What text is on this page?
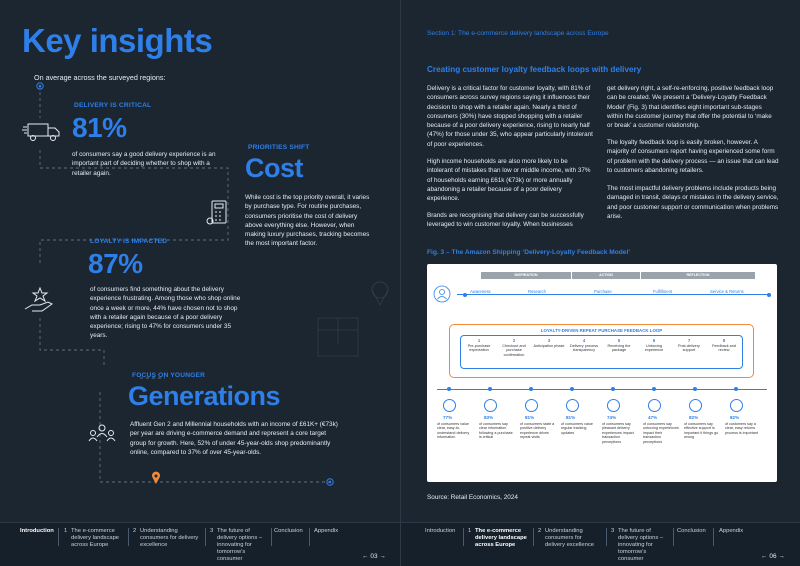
Key insights
On average across the surveyed regions:
DELIVERY IS CRITICAL
81%
of consumers say a good delivery experience is an important part of deciding whether to shop with a retailer again.
PRIORITIES SHIFT
Cost
While cost is the top priority overall, it varies by purchase type. For routine purchases, consumers prioritise the cost of delivery above everything else. However, when making luxury purchases, tracking becomes the most important factor.
LOYALTY IS IMPACTED
87%
of consumers find something about the delivery experience frustrating. Among those who shop online once a week or more, 44% have chosen not to shop with a retailer again because of a poor delivery experience; rising to 47% for consumers under 35 years.
FOCUS ON YOUNGER
Generations
Affluent Gen 2 and Millennial households with an income of £61K+ (€73k) per year are driving e-commerce demand and represent a core target group for growth. Here, 52% of under 45-year-olds shop predominantly online, compared to 37% of over 45-year-olds.
Introduction 1 The e-commerce delivery landscape across Europe
2 Understanding consumers for delivery excellence
3 The future of delivery options – innovating for tomorrow’s consumer
Conclusion Appendix
← 03 →
Section 1: The e-commerce delivery landscape across Europe
Creating customer loyalty feedback loops with delivery
Delivery is a critical factor for customer loyalty, with 81% of consumers across survey regions saying it influences their decision to shop with a retailer again. Nearly a third of consumers (30%) have stopped shopping with a retailer because of a poor delivery experience, rising to nearly half (47%) for those under 35, who appear particularly intolerant of poor experiences.
High income households are also more likely to be intolerant of mistakes than low or middle income, with 37% of households earning £61k (€73k) or more annually abandoning a retailer because of a poor delivery experience.
Brands are recognising that delivery can be successfully leveraged to win customer loyalty. When businesses
get delivery right, a self-re-enforcing, positive feedback loop can be created. We present a ‘Delivery-Loyalty Feedback Model’ (Fig. 3) that identifies eight important sub-stages within the customer journey that offer the potential to ‘make or break’ a customer relationship.
The loyalty feedback loop is easily broken, however. A majority of consumers report having experienced some form of problem with the delivery process — an issue that can lead to customers abandoning retailers.
The most impactful delivery problems include products being damaged in transit, delays or mistakes in the delivery service, and poor customer support or communication when problems arise.
Fig. 3 – The Amazon Shipping ‘Delivery-Loyalty Feedback Model’
INSPIRATION	ACTION	REFLECTION
Awareness	Research	Purchase	Fulfillment	Service & Returns
LOYALTY-DRIVEN REPEAT PURCHASE FEEDBACK LOOP
1
Pre-purchase expectation
2
Checkout and purchase confirmation
3
Anticipation phase
4
Delivery process transparency
5
Receiving the package
6
Unboxing experience
7
Post-delivery support
8
Feedback and review
77%
of consumers value clear, easy-to-understand delivery information
83%
of consumers say clear information following a purchase is critical
81%
of consumers state a positive delivery experience drives repeat visits
81%
of consumers value regular tracking updates
74%
of consumers say pleasant delivery experiences impact transaction perceptions
47%
of consumers say unboxing experiences impact their transaction perceptions
82%
of consumers say effective support is important if things go wrong
82%
of customers say a clear, easy returns process is important
Source: Retail Economics, 2024
Introduction 1 The e-commerce delivery landscape across Europe
2 Understanding consumers for delivery excellence
3 The future of delivery options – innovating for tomorrow’s consumer
Conclusion Appendix
← 06 →
